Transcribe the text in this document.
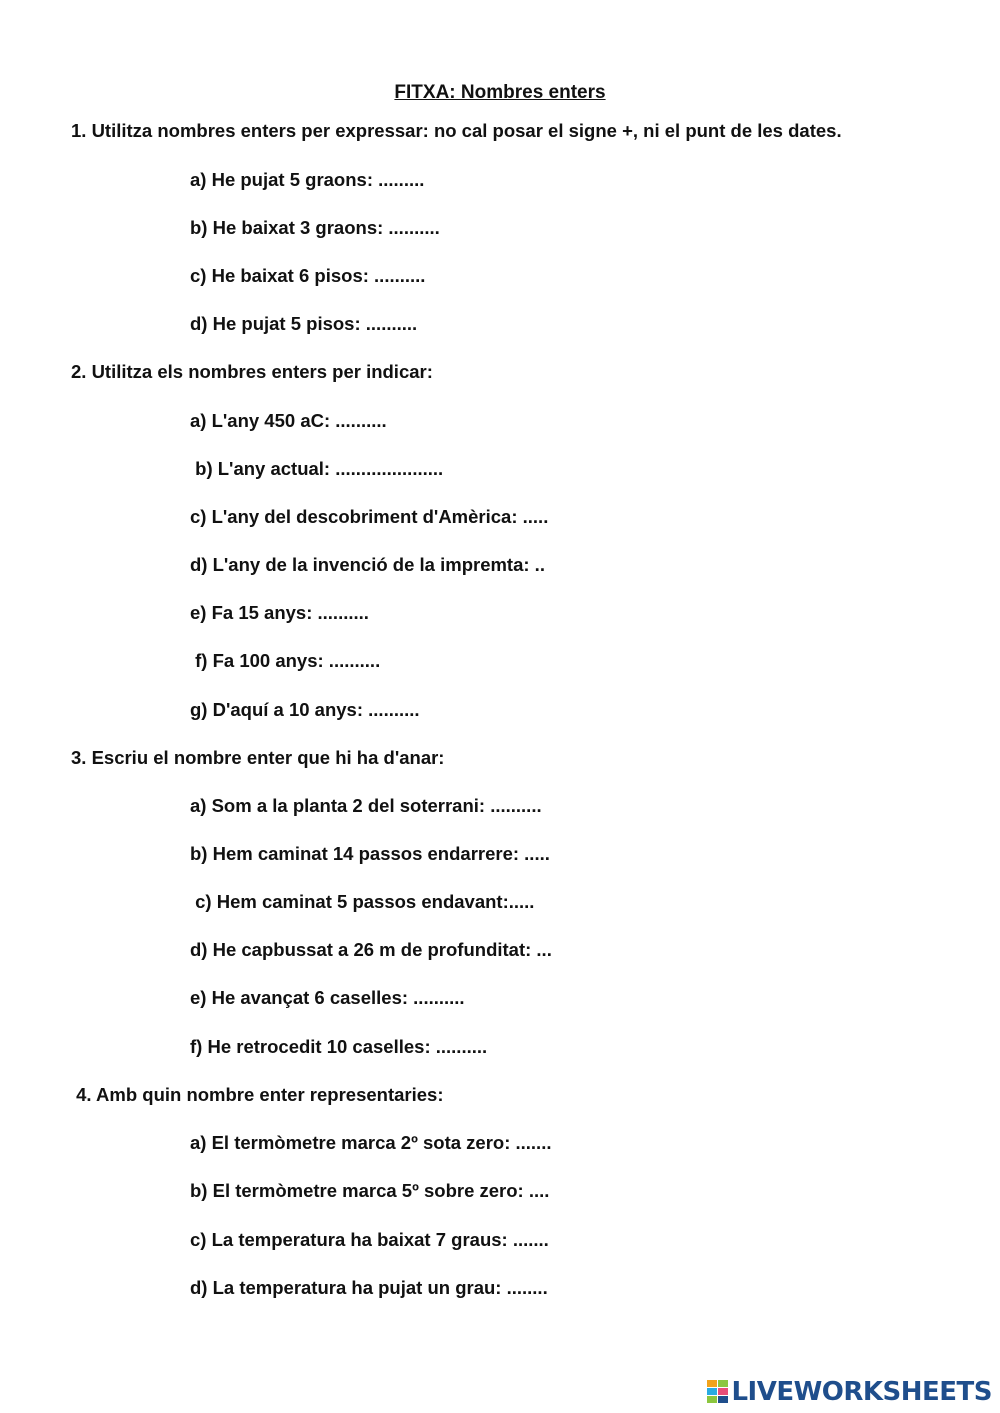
FITXA: Nombres enters
1. Utilitza nombres enters per expressar: no cal posar el signe +, ni el punt de les dates.
a) He pujat 5 graons: .........
b) He baixat 3 graons: ..........
c) He baixat 6 pisos: ..........
d) He pujat 5 pisos: ..........
2. Utilitza els nombres enters per indicar:
a) L'any 450 aC: ..........
b) L'any actual: .....................
c) L'any del descobriment d'Amèrica: .....
d) L'any de la invenció de la impremta: ..
e) Fa 15 anys: ..........
f) Fa 100 anys: ..........
g) D'aquí a 10 anys: ..........
3. Escriu el nombre enter que hi ha d'anar:
a) Som a la planta 2 del soterrani: ..........
b) Hem caminat 14 passos endarrere: .....
c) Hem caminat 5 passos endavant:.....
d) He capbussat a 26 m de profunditat: ...
e) He avançat 6 caselles: ..........
f) He retrocedit 10 caselles: ..........
4. Amb quin nombre enter representaries:
a) El termòmetre marca 2º sota zero: .......
b) El termòmetre marca 5º sobre zero: ....
c) La temperatura ha baixat 7 graus: .......
d) La temperatura ha pujat un grau: ........
LIVEWORKSHEETS
